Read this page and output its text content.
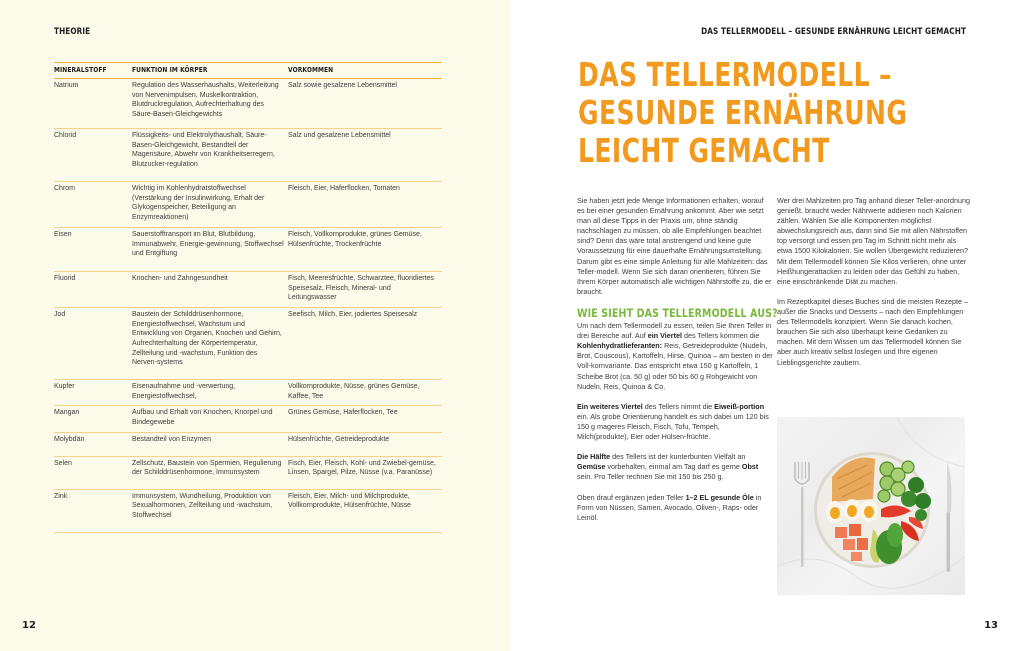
THEORIE
MINERALSTOFF	FUNKTION IM KÖRPER	VORKOMMEN
Natrium	Regulation des Wasserhaushalts, Weiterleitung von Nervenimpulsen, Muskelkontraktion, Blutdruckregulation, Aufrechterhaltung des Säure-Basen-Gleichgewichts	Salz sowie gesalzene Lebensmittel
Chlorid	Flüssigkeits- und Elektrolythaushalt, Säure-Basen-Gleichgewicht, Bestandteil der Magensäure, Abwehr von Krankheitserregern, Blutzucker-regulation	Salz und gesalzene Lebensmittel
Chrom	Wichtig im Kohlenhydratstoffwechsel (Verstärkung der Insulinwirkung, Erhalt der Glykogenspeicher, Beteiligung an Enzymreaktionen)	Fleisch, Eier, Haferflocken, Tomaten
Eisen	Sauerstofftransport im Blut, Blutbildung, Immunabwehr, Energie-gewinnung, Stoffwechsel und Entgiftung	Fleisch, Vollkornprodukte, grünes Gemüse, Hülsenfrüchte, Trockenfrüchte
Fluorid	Knochen- und Zahngesundheit	Fisch, Meeresfrüchte, Schwarztee, fluoridiertes Speisesalz, Fleisch, Mineral- und Leitungswasser
Jod	Baustein der Schilddrüsenhormone, Energiestoffwechsel, Wachstum und Entwicklung von Organen, Knochen und Gehirn, Aufrechterhaltung der Körpertemperatur, Zellteilung und -wachstum, Funktion des Nerven-systems	Seefisch, Milch, Eier, jodiertes Speisesalz
Kupfer	Eisenaufnahme und -verwertung, Energiestoffwechsel,	Vollkornprodukte, Nüsse, grünes Gemüse, Kaffee, Tee
Mangan	Aufbau und Erhalt von Knochen, Knorpel und Bindegewebe	Grünes Gemüse, Haferflocken, Tee
Molybdän	Bestandteil von Enzymen	Hülsenfrüchte, Getreideprodukte
Selen	Zellschutz, Baustein von Spermien, Regulierung der Schilddrüsenhormone, Immunsystem	Fisch, Eier, Fleisch, Kohl- und Zwiebel-gemüse, Linsen, Spargel, Pilze, Nüsse (v.a. Paranüsse)
Zink	Immunsystem, Wundheilung, Produktion von Sexualhormonen, Zellteilung und -wachstum, Stoffwechsel	Fleisch, Eier, Milch- und Milchprodukte, Vollkornprodukte, Hülsenfrüchte, Nüsse
12
DAS TELLERMODELL – GESUNDE ERNÄHRUNG LEICHT GEMACHT
DAS TELLERMODELL –
GESUNDE ERNÄHRUNG
LEICHT GEMACHT

Sie haben jetzt jede Menge Informationen erhalten, worauf es bei einer gesunden Ernährung ankommt. Aber wie setzt man all diese Tipps in der Praxis um, ohne ständig nachschlagen zu müssen, ob alle Empfehlungen beachtet sind? Denn das wäre total anstrengend und keine gute Voraussetzung für eine dauerhafte Ernährungsumstellung. Darum gibt es eine simple Anleitung für alle Mahlzeiten: das Teller-modell. Wenn Sie sich daran orientieren, führen Sie Ihrem Körper automatisch alle wichtigen Nährstoffe zu, die er braucht.

WIE SIEHT DAS TELLERMODELL AUS?

Um nach dem Tellermodell zu essen, teilen Sie Ihren Teller in drei Bereiche auf. Auf ein Viertel des Tellers kommen die Kohlenhydratlieferanten: Reis, Getreideprodukte (Nudeln, Brot, Couscous), Kartoffeln, Hirse, Quinoa – am besten in der Voll-kornvariante. Das entspricht etwa 150 g Kartoffeln, 1 Scheibe Brot (ca. 50 g) oder 50 bis 60 g Rohgewicht von Nudeln, Reis, Quinoa & Co.

Ein weiteres Viertel des Tellers nimmt die Eiweiß-portion ein. Als grobe Orientierung handelt es sich dabei um 120 bis 150 g mageres Fleisch, Fisch, Tofu, Tempeh, Milch(produkte), Eier oder Hülsen-früchte.

Die Hälfte des Tellers ist der kunterbunten Vielfalt an Gemüse vorbehalten, einmal am Tag darf es gerne Obst sein. Pro Teller rechnen Sie mit 150 bis 250 g.

Oben drauf ergänzen jeden Teller 1–2 EL gesunde Öle in Form von Nüssen, Samen, Avocado, Oliven-, Raps- oder Leinöl.

Wer drei Mahlzeiten pro Tag anhand dieser Teller-anordnung genießt, braucht weder Nährwerte addieren noch Kalorien zählen. Wählen Sie alle Komponenten möglichst abwechslungsreich aus, dann sind Sie mit allen Nährstoffen top versorgt und essen pro Tag im Schnitt nicht mehr als etwa 1500 Kilokalorien. Sie wollen Übergewicht reduzieren? Mit dem Tellermodell können Sie Kilos verlieren, ohne unter Heißhungerattacken zu leiden oder das Gefühl zu haben, eine einschränkende Diät zu machen.

Im Rezeptkapitel dieses Buches sind die meisten Rezepte – außer die Snacks und Desserts – nach den Empfehlungen des Tellermodells konzipiert. Wenn Sie danach kochen, brauchen Sie sich also überhaupt keine Gedanken zu machen. Mit dem Wissen um das Tellermodell können Sie aber auch kreativ selbst loslegen und Ihre eigenen Lieblingsgerichte zaubern.

13
